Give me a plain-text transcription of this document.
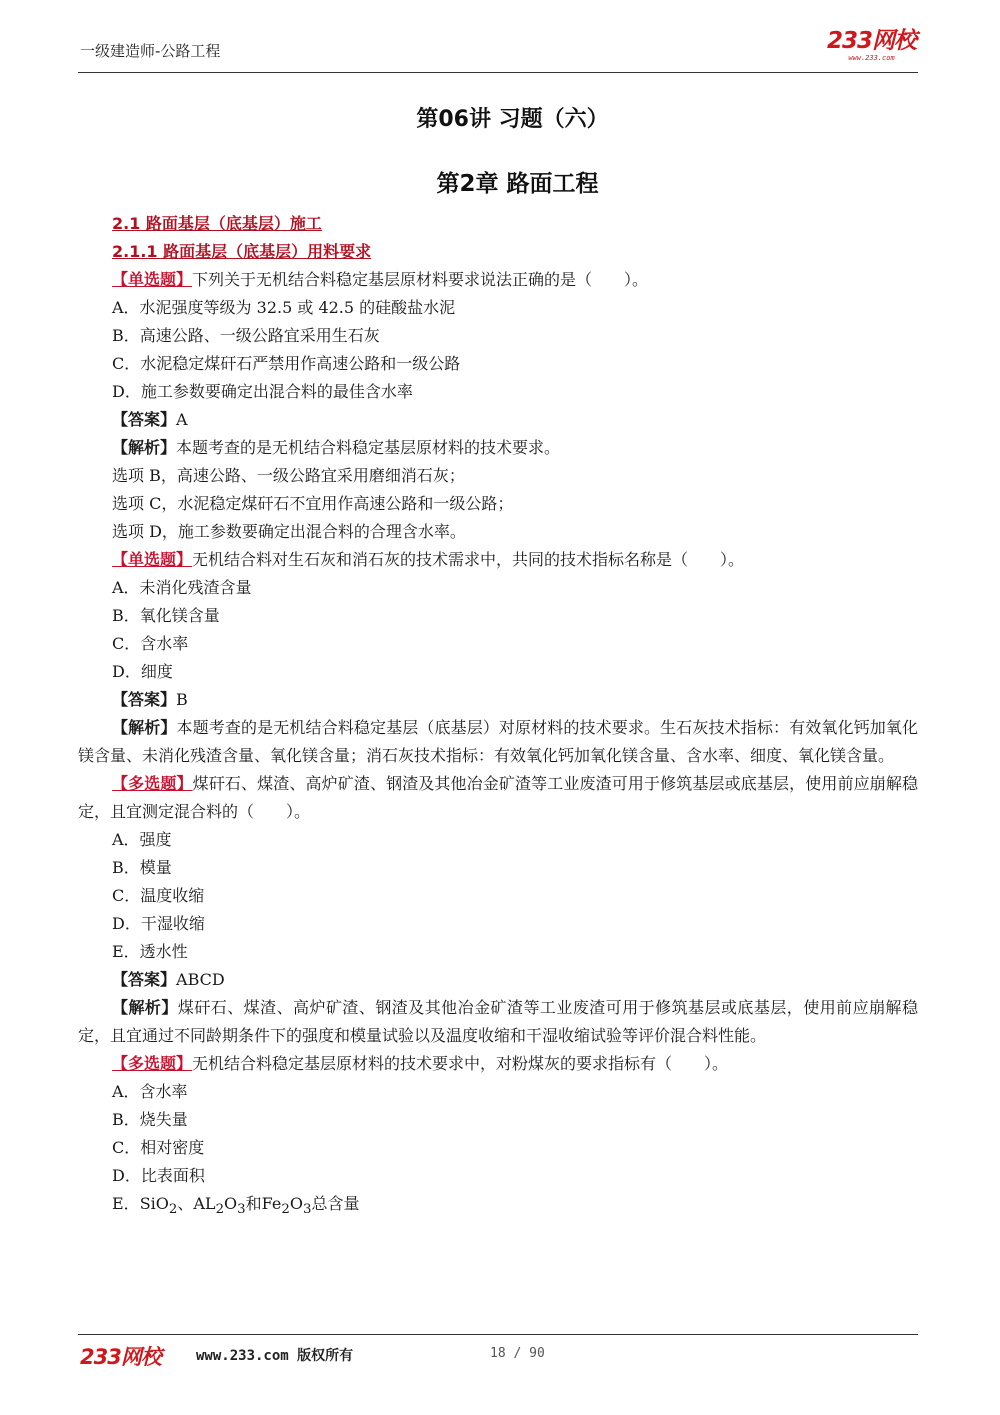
一级建造师-公路工程	233网校
www.233.com
第06讲 习题（六）
第2章 路面工程
2.1 路面基层（底基层）施工
2.1.1 路面基层（底基层）用料要求
【单选题】下列关于无机结合料稳定基层原材料要求说法正确的是（　　）。
A．水泥强度等级为 32.5 或 42.5 的硅酸盐水泥
B．高速公路、一级公路宜采用生石灰
C．水泥稳定煤矸石严禁用作高速公路和一级公路
D．施工参数要确定出混合料的最佳含水率
【答案】A
【解析】本题考查的是无机结合料稳定基层原材料的技术要求。
选项 B，高速公路、一级公路宜采用磨细消石灰；
选项 C，水泥稳定煤矸石不宜用作高速公路和一级公路；
选项 D，施工参数要确定出混合料的合理含水率。
【单选题】无机结合料对生石灰和消石灰的技术需求中，共同的技术指标名称是（　　）。
A．未消化残渣含量
B．氧化镁含量
C．含水率
D．细度
【答案】B
【解析】本题考查的是无机结合料稳定基层（底基层）对原材料的技术要求。生石灰技术指标：有效氧化钙加氧化镁含量、未消化残渣含量、氧化镁含量；消石灰技术指标：有效氧化钙加氧化镁含量、含水率、细度、氧化镁含量。
【多选题】煤矸石、煤渣、高炉矿渣、钢渣及其他冶金矿渣等工业废渣可用于修筑基层或底基层，使用前应崩解稳定，且宜测定混合料的（　　）。
A．强度
B．模量
C．温度收缩
D．干湿收缩
E．透水性
【答案】ABCD
【解析】煤矸石、煤渣、高炉矿渣、钢渣及其他冶金矿渣等工业废渣可用于修筑基层或底基层，使用前应崩解稳定，且宜通过不同龄期条件下的强度和模量试验以及温度收缩和干湿收缩试验等评价混合料性能。
【多选题】无机结合料稳定基层原材料的技术要求中，对粉煤灰的要求指标有（　　）。
A．含水率
B．烧失量
C．相对密度
D．比表面积
E．SiO$_2$、$AL_2O_3$和$Fe_2O_3$总含量
233网校	www.233.com 版权所有	18 / 90
